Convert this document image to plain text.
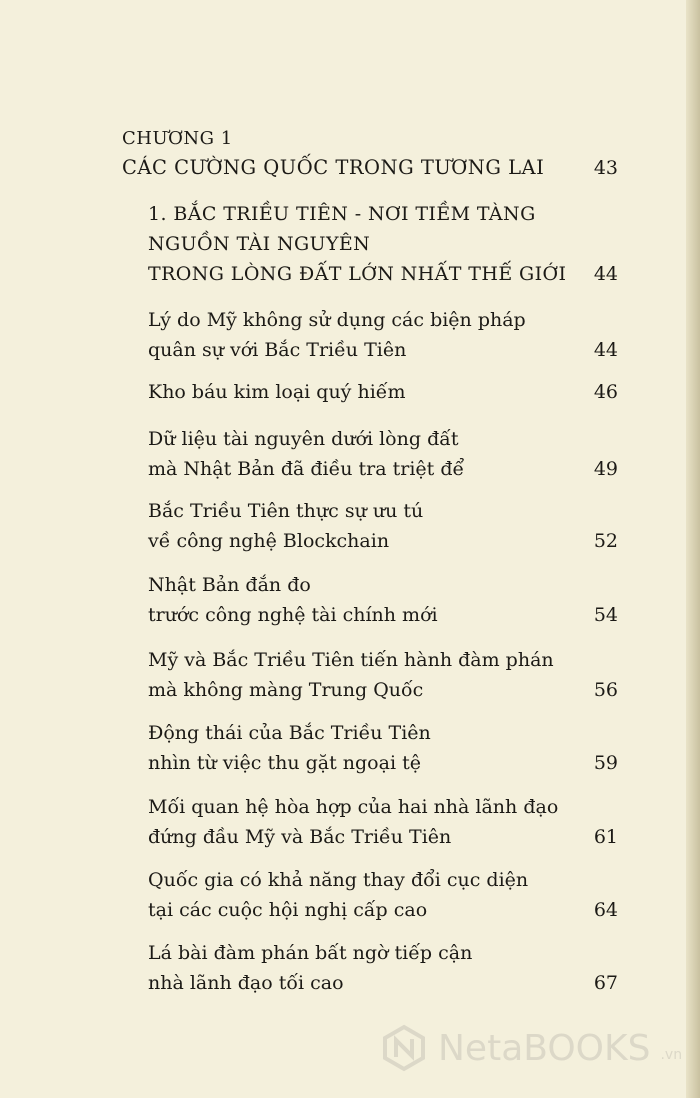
CHƯƠNG 1
CÁC CƯỜNG QUỐC TRONG TƯƠNG LAI	43
1. BẮC TRIỀU TIÊN - NƠI TIỀM TÀNG
NGUỒN TÀI NGUYÊN
TRONG LÒNG ĐẤT LỚN NHẤT THẾ GIỚI	44
Lý do Mỹ không sử dụng các biện pháp
quân sự với Bắc Triều Tiên	44
Kho báu kim loại quý hiếm	46
Dữ liệu tài nguyên dưới lòng đất
mà Nhật Bản đã điều tra triệt để	49
Bắc Triều Tiên thực sự ưu tú
về công nghệ Blockchain	52
Nhật Bản đắn đo
trước công nghệ tài chính mới	54
Mỹ và Bắc Triều Tiên tiến hành đàm phán
mà không màng Trung Quốc	56
Động thái của Bắc Triều Tiên
nhìn từ việc thu gặt ngoại tệ	59
Mối quan hệ hòa hợp của hai nhà lãnh đạo
đứng đầu Mỹ và Bắc Triều Tiên	61
Quốc gia có khả năng thay đổi cục diện
tại các cuộc hội nghị cấp cao	64
Lá bài đàm phán bất ngờ tiếp cận
nhà lãnh đạo tối cao	67
NetaBOOKS .vn
